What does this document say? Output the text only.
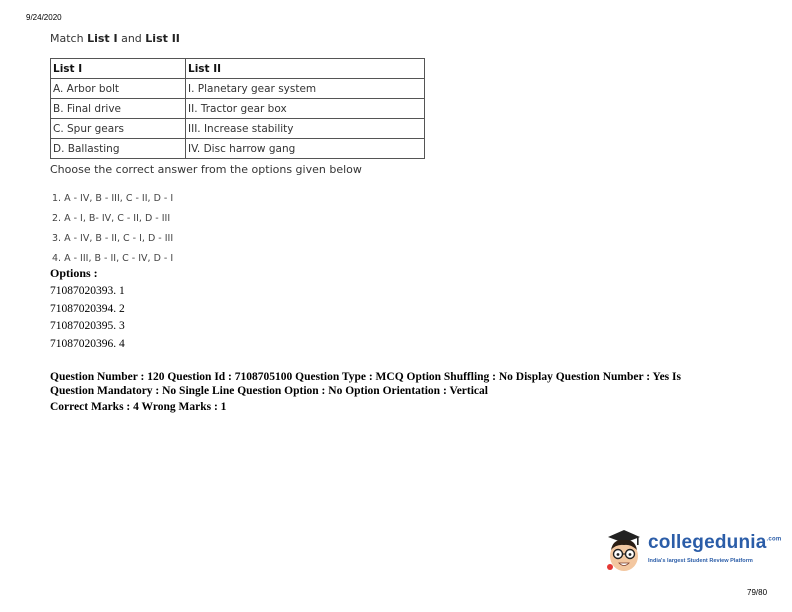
9/24/2020
Match List I and List II
List I	List II
A. Arbor bolt	I. Planetary gear system
B. Final drive	II. Tractor gear box
C. Spur gears	III. Increase stability
D. Ballasting	IV. Disc harrow gang
Choose the correct answer from the options given below
1. A - IV, B - III, C - II, D - I
2. A - I, B- IV, C - II, D - III
3. A - IV, B - II, C - I, D - III
4. A - III, B - II, C - IV, D - I
Options :
71087020393. 1
71087020394. 2
71087020395. 3
71087020396. 4
Question Number : 120 Question Id : 7108705100 Question Type : MCQ Option Shuffling : No Display Question Number : Yes Is
Question Mandatory : No Single Line Question Option : No Option Orientation : Vertical
Correct Marks : 4 Wrong Marks : 1
collegedunia$^{.com}$
India's largest Student Review Platform
79/80
